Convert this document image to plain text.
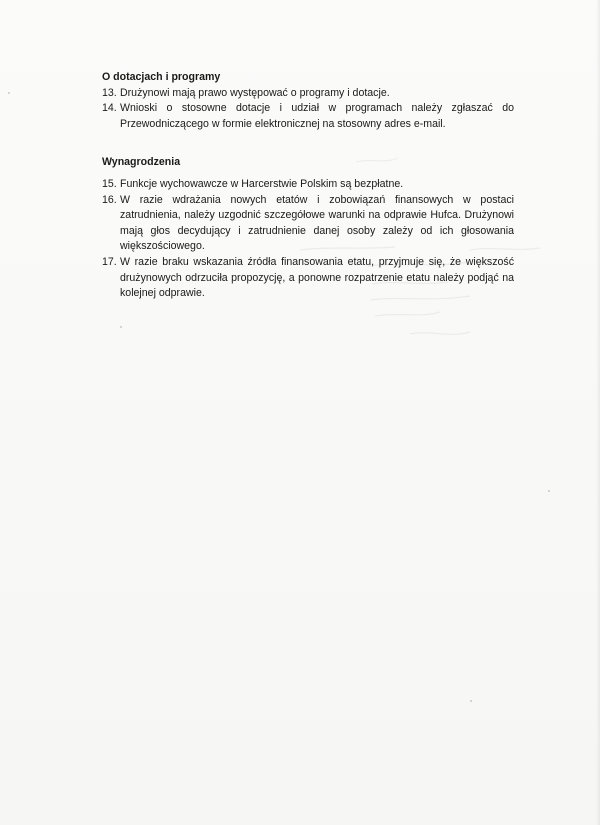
O dotacjach i programy

13. Drużynowi mają prawo występować o programy i dotacje.
14. Wnioski o stosowne dotacje i udział w programach należy zgłaszać do Przewodniczącego w formie elektronicznej na stosowny adres e-mail.

Wynagrodzenia

15. Funkcje wychowawcze w Harcerstwie Polskim są bezpłatne.
16. W razie wdrażania nowych etatów i zobowiązań finansowych w postaci zatrudnienia, należy uzgodnić szczegółowe warunki na odprawie Hufca. Drużynowi mają głos decydujący i zatrudnienie danej osoby zależy od ich głosowania większościowego.
17. W razie braku wskazania źródła finansowania etatu, przyjmuje się, że większość drużynowych odrzuciła propozycję, a ponowne rozpatrzenie etatu należy podjąć na kolejnej odprawie.
